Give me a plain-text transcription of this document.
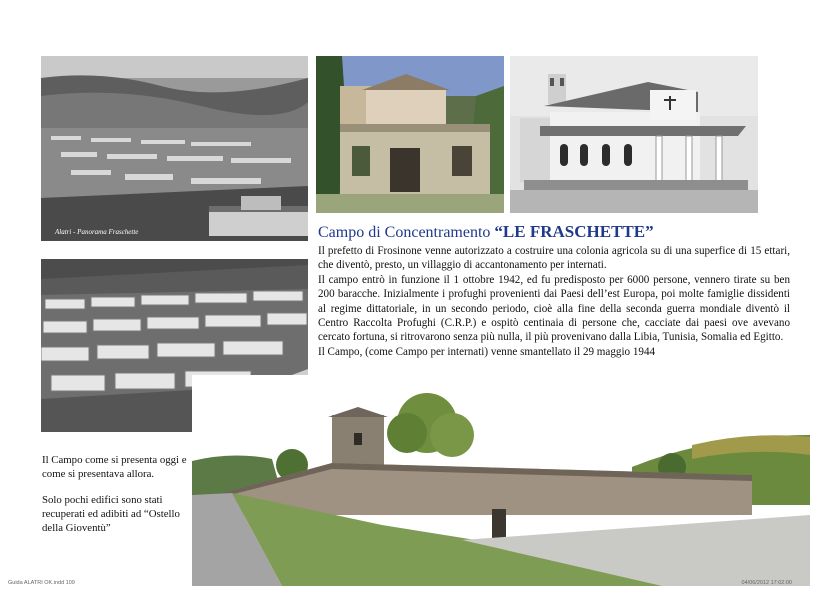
Alatri - Panorama Fraschette	Campo di Concentramento “LE FRASCHETTE”

Il prefetto di Frosinone venne autorizzato a costruire una colonia agricola su di una superfice di 15 ettari, che diventò, presto, un villaggio di accantonamento per internati.

Il campo entrò in funzione il 1 ottobre 1942, ed fu predisposto per 6000 persone, vennero tirate su ben 200 baracche. Inizialmente i profughi provenienti dai Paesi dell’est Europa, poi molte famiglie dissidenti al regime dittatoriale, in un secondo periodo, cioè alla fine della seconda guerra mondiale diventò il Centro Raccolta Profughi (C.R.P.) e ospitò centinaia di persone che, cacciate dai paesi ove avevano cercato fortuna, si ritrovarono senza più nulla, il più provenivano dalla Libia, Tunisia, Somalia ed Egitto.

Il Campo, (come Campo per internati) venne smantellato il 29 maggio 1944

Il Campo come si presenta oggi e come si presentava allora.

Solo pochi edifici sono stati recuperati ed adibiti ad “Ostello della Gioventù”

Guida ALATRI OK.indd 109	04/06/2012 17:02:00
